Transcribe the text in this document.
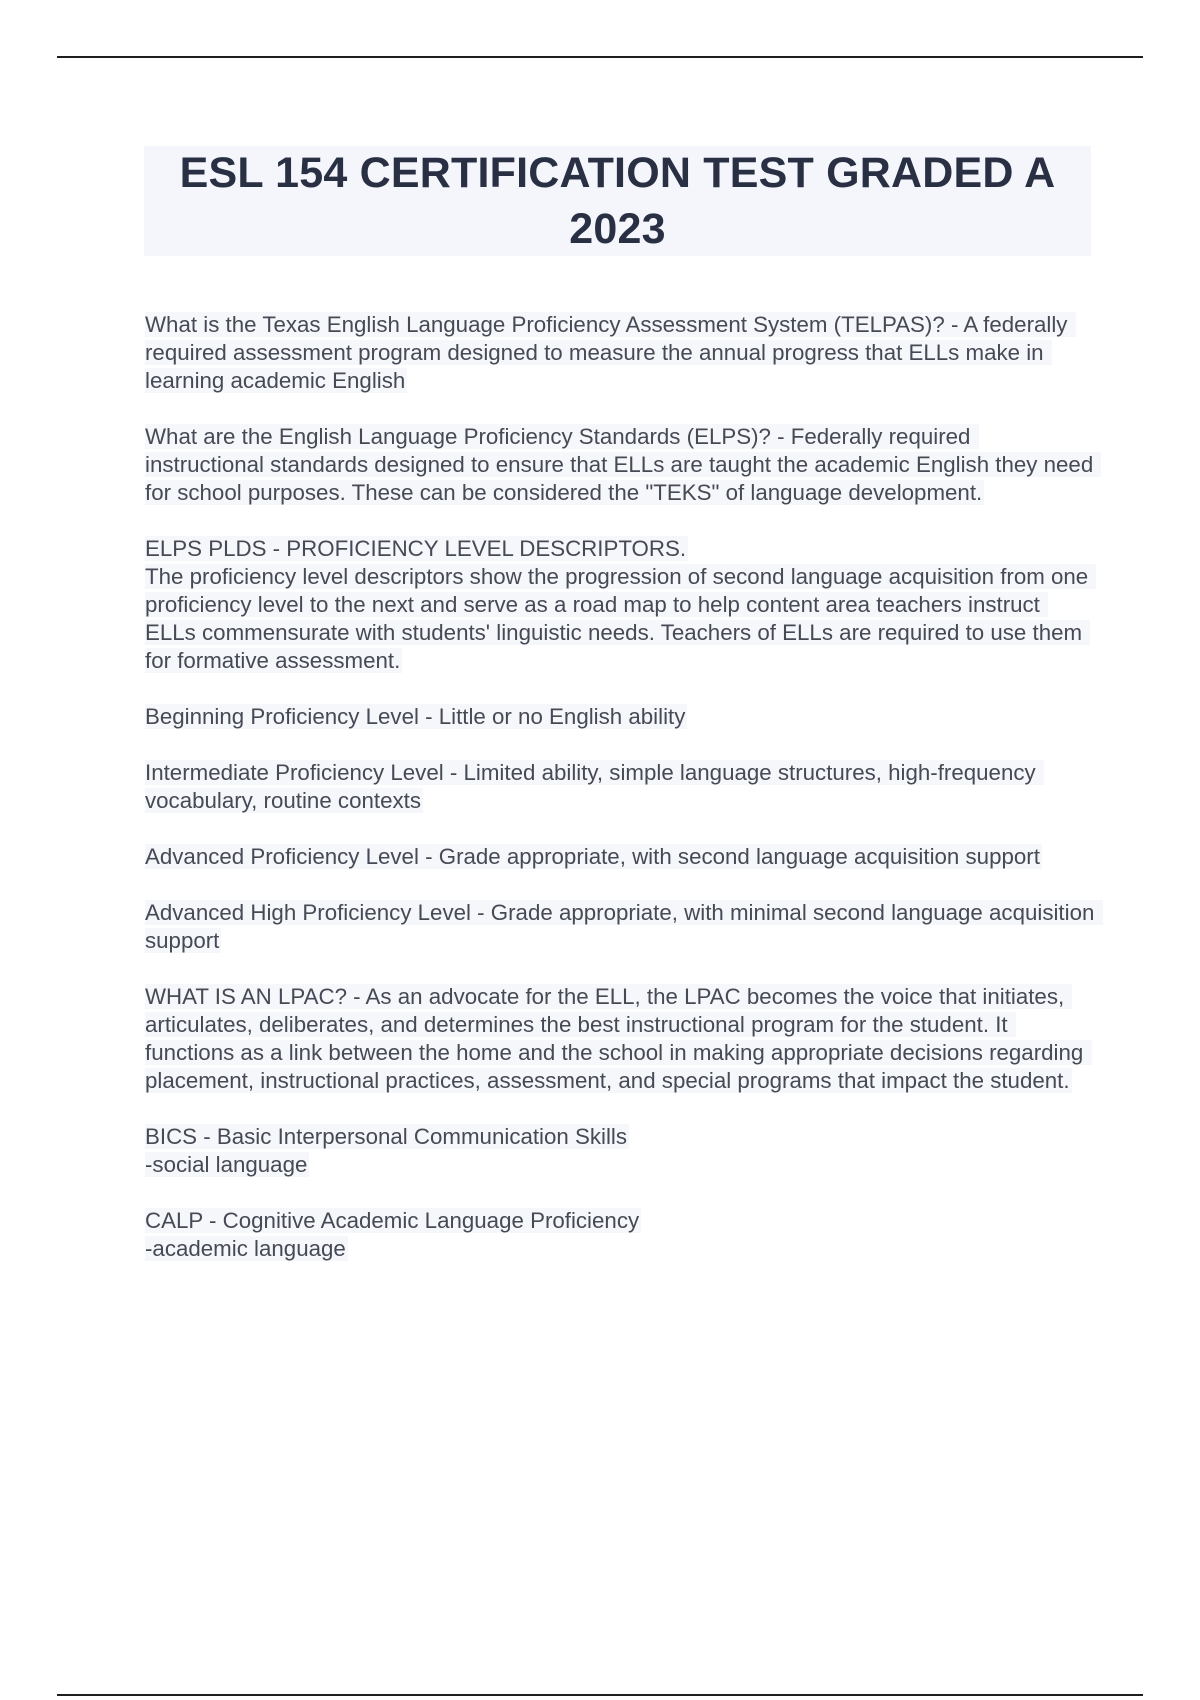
ESL 154 CERTIFICATION TEST GRADED A 2023

What is the Texas English Language Proficiency Assessment System (TELPAS)? - A federally required assessment program designed to measure the annual progress that ELLs make in learning academic English

What are the English Language Proficiency Standards (ELPS)? - Federally required instructional standards designed to ensure that ELLs are taught the academic English they need for school purposes. These can be considered the "TEKS" of language development.

ELPS PLDS - PROFICIENCY LEVEL DESCRIPTORS.
The proficiency level descriptors show the progression of second language acquisition from one proficiency level to the next and serve as a road map to help content area teachers instruct ELLs commensurate with students' linguistic needs. Teachers of ELLs are required to use them for formative assessment.

Beginning Proficiency Level - Little or no English ability

Intermediate Proficiency Level - Limited ability, simple language structures, high-frequency vocabulary, routine contexts

Advanced Proficiency Level - Grade appropriate, with second language acquisition support

Advanced High Proficiency Level - Grade appropriate, with minimal second language acquisition support

WHAT IS AN LPAC? - As an advocate for the ELL, the LPAC becomes the voice that initiates, articulates, deliberates, and determines the best instructional program for the student. It functions as a link between the home and the school in making appropriate decisions regarding placement, instructional practices, assessment, and special programs that impact the student.

BICS - Basic Interpersonal Communication Skills
-social language

CALP - Cognitive Academic Language Proficiency
-academic language
